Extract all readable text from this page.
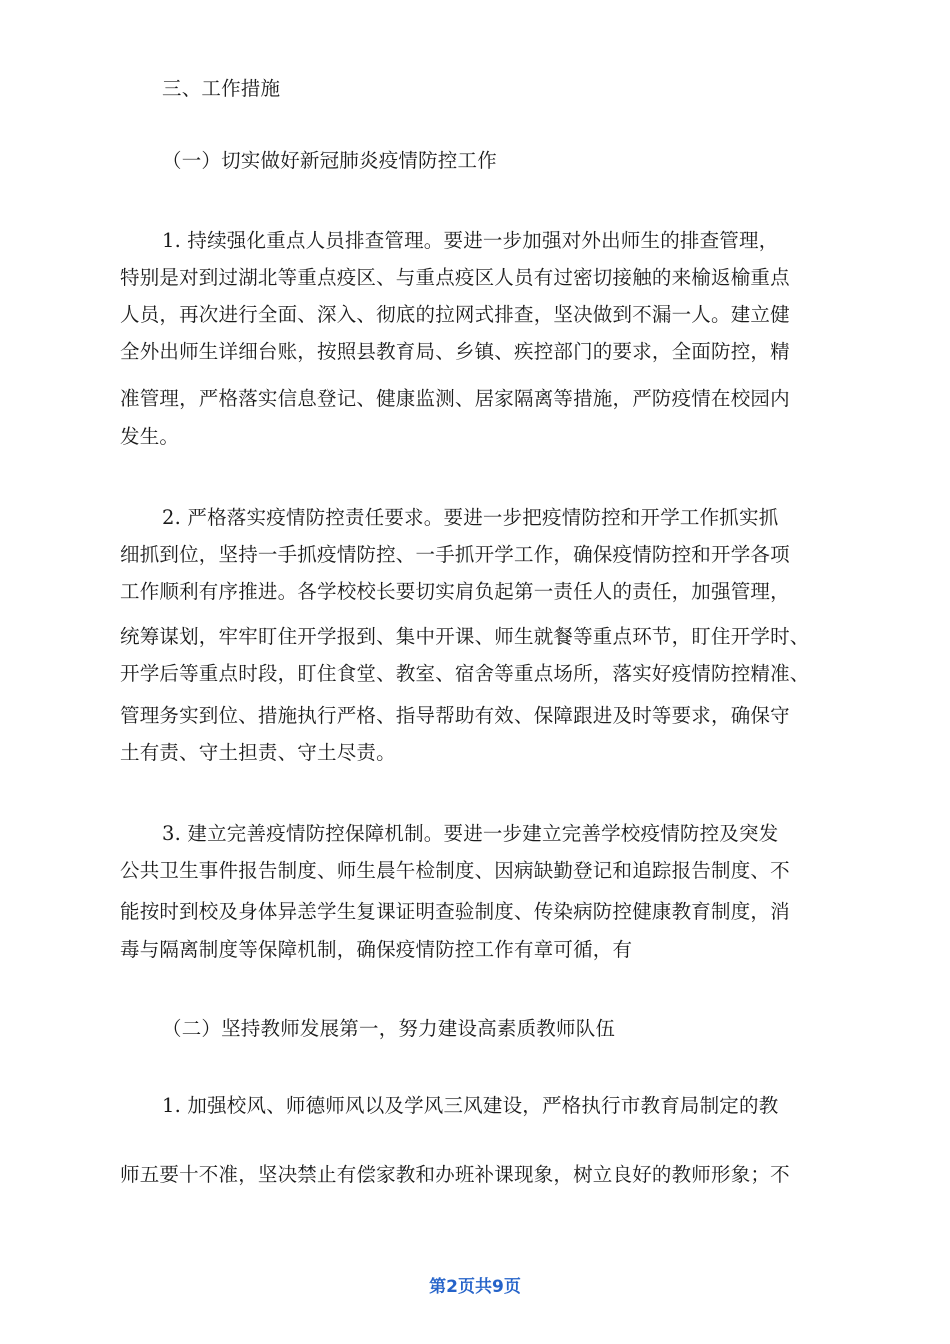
三、工作措施
（一）切实做好新冠肺炎疫情防控工作
1. 持续强化重点人员排查管理。要进一步加强对外出师生的排查管理，
特别是对到过湖北等重点疫区、与重点疫区人员有过密切接触的来榆返榆重点
人员，再次进行全面、深入、彻底的拉网式排查，坚决做到不漏一人。建立健
全外出师生详细台账，按照县教育局、乡镇、疾控部门的要求，全面防控，精
准管理，严格落实信息登记、健康监测、居家隔离等措施，严防疫情在校园内
发生。
2. 严格落实疫情防控责任要求。要进一步把疫情防控和开学工作抓实抓
细抓到位，坚持一手抓疫情防控、一手抓开学工作，确保疫情防控和开学各项
工作顺利有序推进。各学校校长要切实肩负起第一责任人的责任，加强管理，
统筹谋划，牢牢盯住开学报到、集中开课、师生就餐等重点环节，盯住开学时、
开学后等重点时段，盯住食堂、教室、宿舍等重点场所，落实好疫情防控精准、
管理务实到位、措施执行严格、指导帮助有效、保障跟进及时等要求，确保守
土有责、守土担责、守土尽责。
3. 建立完善疫情防控保障机制。要进一步建立完善学校疫情防控及突发
公共卫生事件报告制度、师生晨午检制度、因病缺勤登记和追踪报告制度、不
能按时到校及身体异恙学生复课证明查验制度、传染病防控健康教育制度，消
毒与隔离制度等保障机制，确保疫情防控工作有章可循，有
（二）坚持教师发展第一，努力建设高素质教师队伍
1. 加强校风、师德师风以及学风三风建设，严格执行市教育局制定的教
师五要十不准，坚决禁止有偿家教和办班补课现象，树立良好的教师形象；不
第2页共9页
